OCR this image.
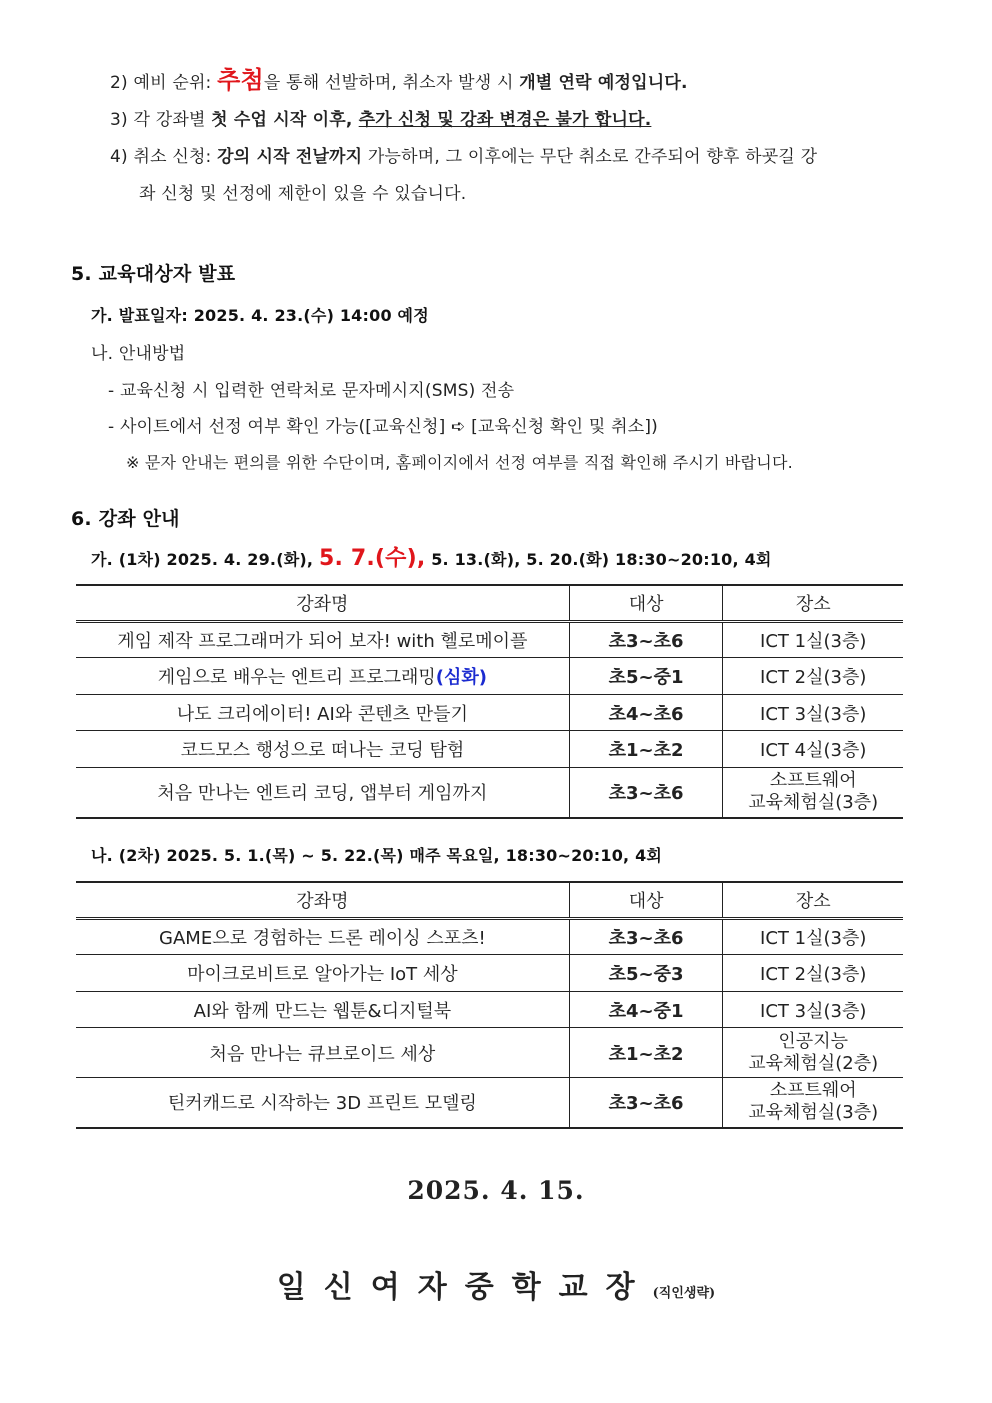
2) 예비 순위: 추첨을 통해 선발하며, 취소자 발생 시 개별 연락 예정입니다.
3) 각 강좌별 첫 수업 시작 이후, 추가 신청 및 강좌 변경은 불가 합니다.
4) 취소 신청: 강의 시작 전날까지 가능하며, 그 이후에는 무단 취소로 간주되어 향후 하굣길 강
좌 신청 및 선정에 제한이 있을 수 있습니다.
5. 교육대상자 발표
가. 발표일자: 2025. 4. 23.(수) 14:00 예정
나. 안내방법
- 교육신청 시 입력한 연락처로 문자메시지(SMS) 전송
- 사이트에서 선정 여부 확인 가능([교육신청] ➪ [교육신청 확인 및 취소])
※ 문자 안내는 편의를 위한 수단이며, 홈페이지에서 선정 여부를 직접 확인해 주시기 바랍니다.
6. 강좌 안내
가. (1차) 2025. 4. 29.(화), 5. 7.(수), 5. 13.(화), 5. 20.(화) 18:30~20:10, 4회
강좌명	대상	장소
게임 제작 프로그래머가 되어 보자! with 헬로메이플	초3~초6	ICT 1실(3층)
게임으로 배우는 엔트리 프로그래밍(심화)	초5~중1	ICT 2실(3층)
나도 크리에이터! AI와 콘텐츠 만들기	초4~초6	ICT 3실(3층)
코드모스 행성으로 떠나는 코딩 탐험	초1~초2	ICT 4실(3층)
처음 만나는 엔트리 코딩, 앱부터 게임까지	초3~초6	소프트웨어
교육체험실(3층)
나. (2차) 2025. 5. 1.(목) ~ 5. 22.(목) 매주 목요일, 18:30~20:10, 4회
강좌명	대상	장소
GAME으로 경험하는 드론 레이싱 스포츠!	초3~초6	ICT 1실(3층)
마이크로비트로 알아가는 IoT 세상	초5~중3	ICT 2실(3층)
AI와 함께 만드는 웹툰&디지털북	초4~중1	ICT 3실(3층)
처음 만나는 큐브로이드 세상	초1~초2	인공지능
교육체험실(2층)

틴커캐드로 시작하는 3D 프린트 모델링	초3~초6	소프트웨어
교육체험실(3층)
2025. 4. 15.
일신여자중학교장(직인생략)
